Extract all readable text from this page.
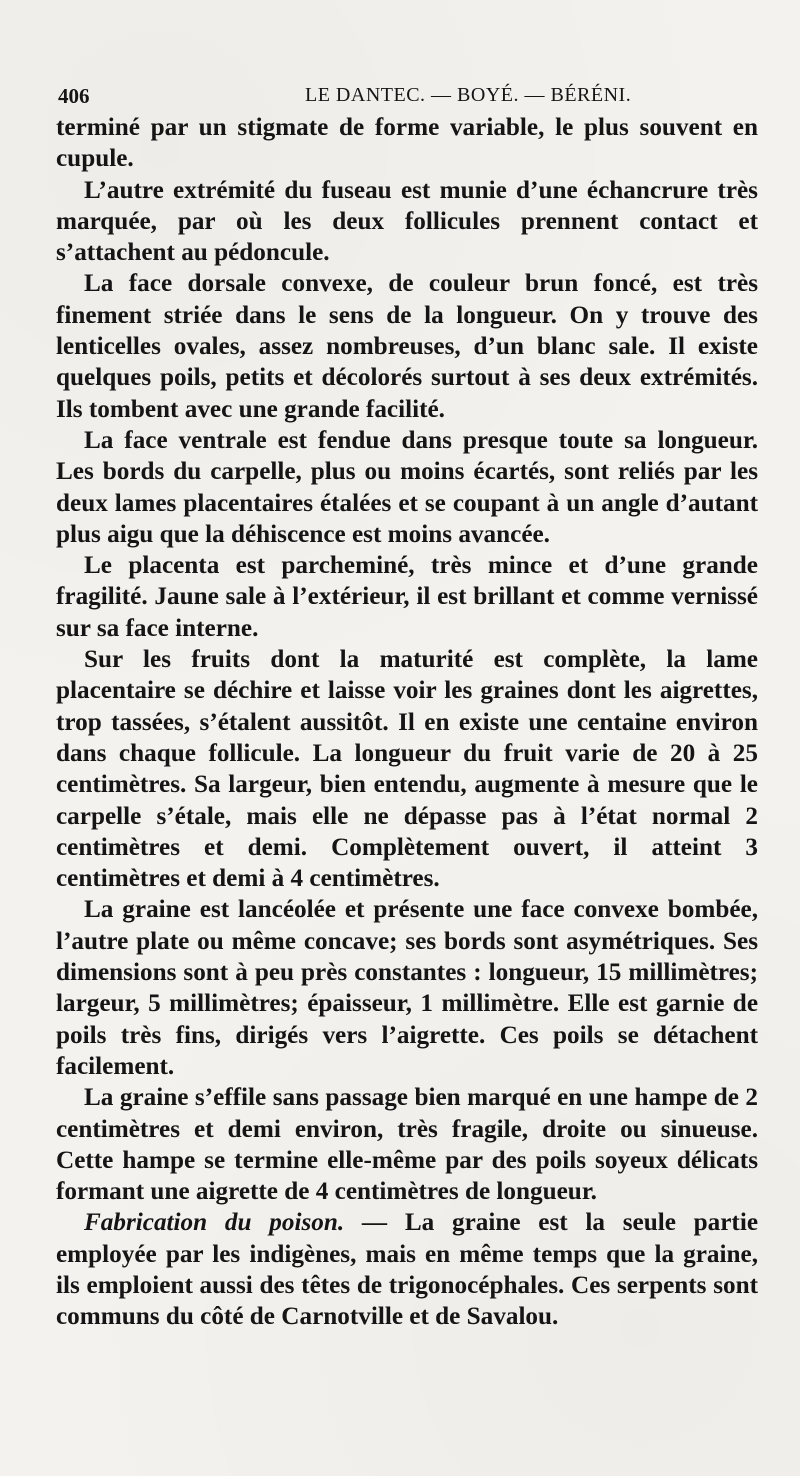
406	LE DANTEC. — BOYÉ. — BÉRÉNI.

terminé par un stigmate de forme variable, le plus souvent en cupule.

L’autre extrémité du fuseau est munie d’une échancrure très marquée, par où les deux follicules prennent contact et s’attachent au pédoncule.

La face dorsale convexe, de couleur brun foncé, est très finement striée dans le sens de la longueur. On y trouve des lenticelles ovales, assez nombreuses, d’un blanc sale. Il existe quelques poils, petits et décolorés surtout à ses deux extrémités. Ils tombent avec une grande facilité.

La face ventrale est fendue dans presque toute sa longueur. Les bords du carpelle, plus ou moins écartés, sont reliés par les deux lames placentaires étalées et se coupant à un angle d’autant plus aigu que la déhiscence est moins avancée.

Le placenta est parcheminé, très mince et d’une grande fragilité. Jaune sale à l’extérieur, il est brillant et comme vernissé sur sa face interne.

Sur les fruits dont la maturité est complète, la lame placentaire se déchire et laisse voir les graines dont les aigrettes, trop tassées, s’étalent aussitôt. Il en existe une centaine environ dans chaque follicule. La longueur du fruit varie de 20 à 25 centimètres. Sa largeur, bien entendu, augmente à mesure que le carpelle s’étale, mais elle ne dépasse pas à l’état normal 2 centimètres et demi. Complètement ouvert, il atteint 3 centimètres et demi à 4 centimètres.

La graine est lancéolée et présente une face convexe bombée, l’autre plate ou même concave; ses bords sont asymétriques. Ses dimensions sont à peu près constantes : longueur, 15 millimètres; largeur, 5 millimètres; épaisseur, 1 millimètre. Elle est garnie de poils très fins, dirigés vers l’aigrette. Ces poils se détachent facilement.

La graine s’effile sans passage bien marqué en une hampe de 2 centimètres et demi environ, très fragile, droite ou sinueuse. Cette hampe se termine elle-même par des poils soyeux délicats formant une aigrette de 4 centimètres de longueur.

Fabrication du poison. — La graine est la seule partie employée par les indigènes, mais en même temps que la graine, ils emploient aussi des têtes de trigonocéphales. Ces serpents sont communs du côté de Carnotville et de Savalou.
